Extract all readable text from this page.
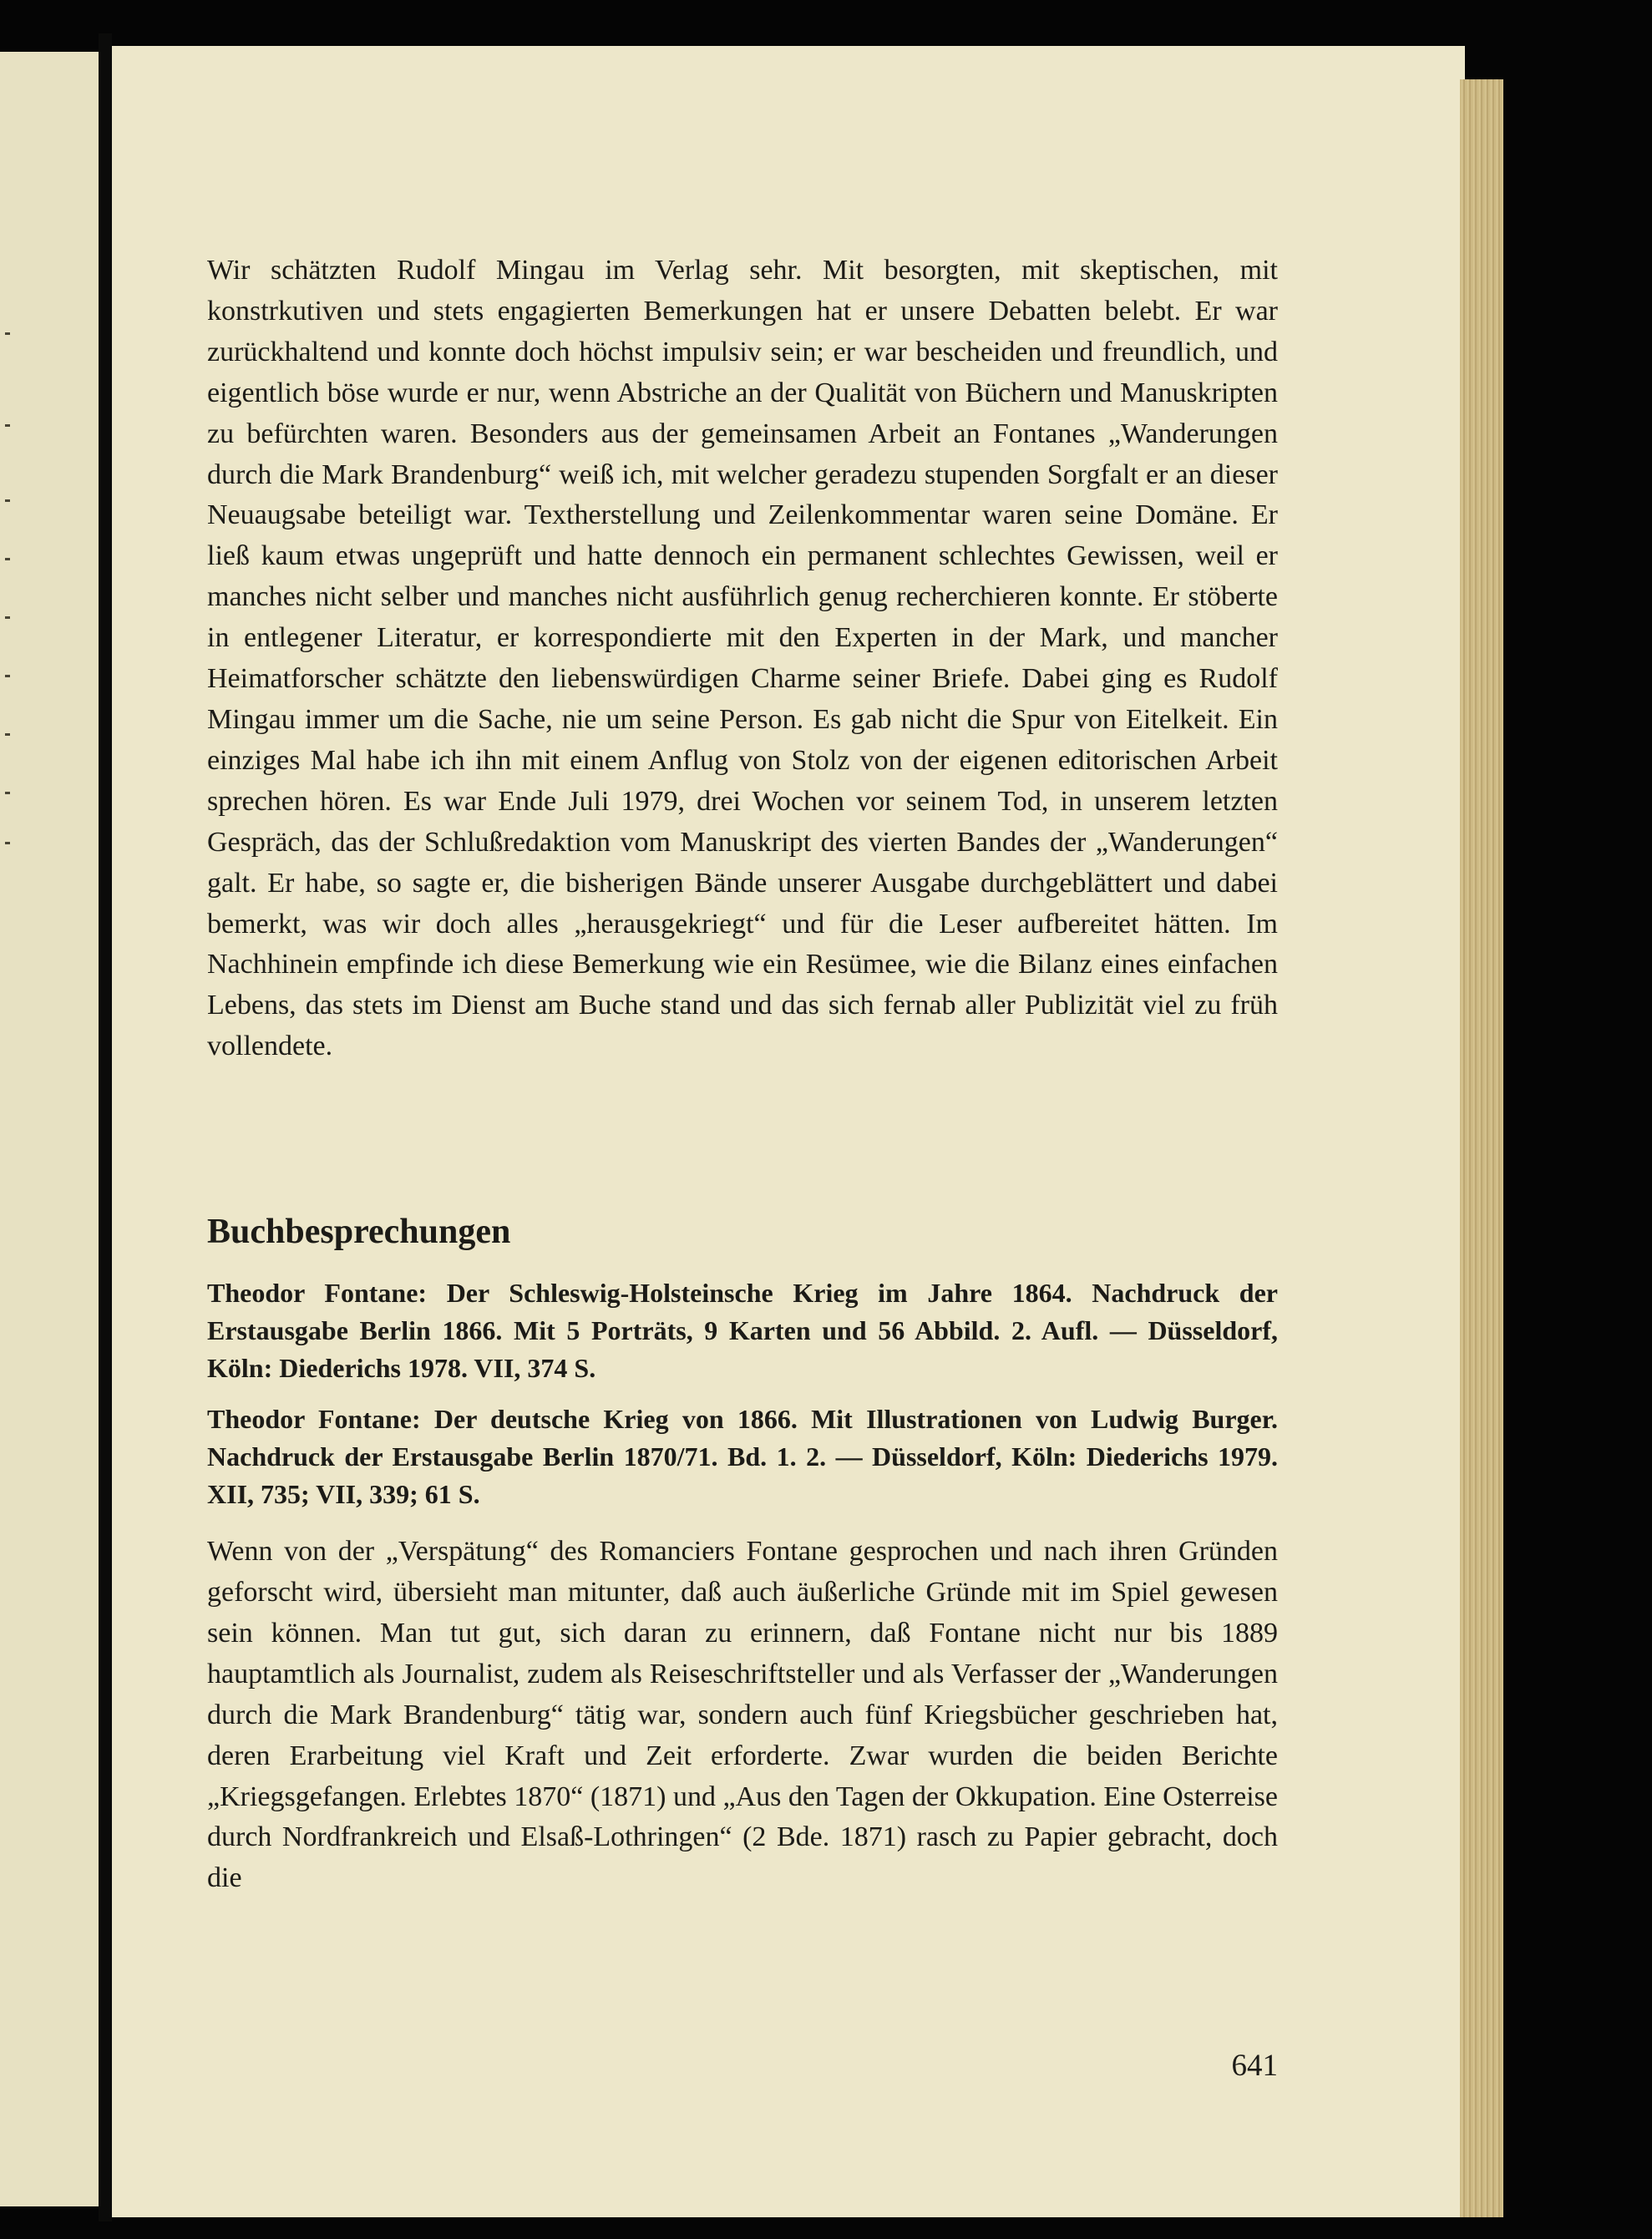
Wir schätzten Rudolf Mingau im Verlag sehr. Mit besorgten, mit skeptischen, mit konstrkutiven und stets engagierten Bemerkungen hat er unsere Debatten belebt. Er war zurückhaltend und konnte doch höchst impulsiv sein; er war bescheiden und freundlich, und eigentlich böse wurde er nur, wenn Abstriche an der Qualität von Büchern und Manuskripten zu befürchten waren. Besonders aus der gemeinsamen Arbeit an Fontanes „Wanderungen durch die Mark Brandenburg“ weiß ich, mit welcher geradezu stupenden Sorgfalt er an dieser Neuaugsabe beteiligt war. Textherstellung und Zeilenkommentar waren seine Domäne. Er ließ kaum etwas ungeprüft und hatte dennoch ein permanent schlechtes Gewissen, weil er manches nicht selber und manches nicht ausführlich genug recherchieren konnte. Er stöberte in entlegener Literatur, er korrespondierte mit den Experten in der Mark, und mancher Heimatforscher schätzte den liebenswürdigen Charme seiner Briefe. Dabei ging es Rudolf Mingau immer um die Sache, nie um seine Person. Es gab nicht die Spur von Eitelkeit. Ein einziges Mal habe ich ihn mit einem Anflug von Stolz von der eigenen editorischen Arbeit sprechen hören. Es war Ende Juli 1979, drei Wochen vor seinem Tod, in unserem letzten Gespräch, das der Schlußredaktion vom Manuskript des vierten Bandes der „Wanderungen“ galt. Er habe, so sagte er, die bisherigen Bände unserer Ausgabe durchgeblättert und dabei bemerkt, was wir doch alles „herausgekriegt“ und für die Leser aufbereitet hätten. Im Nachhinein empfinde ich diese Bemerkung wie ein Resümee, wie die Bilanz eines einfachen Lebens, das stets im Dienst am Buche stand und das sich fernab aller Publizität viel zu früh vollendete.

Buchbesprechungen

Theodor Fontane: Der Schleswig-Holsteinsche Krieg im Jahre 1864. Nachdruck der Erstausgabe Berlin 1866. Mit 5 Porträts, 9 Karten und 56 Abbild. 2. Aufl. — Düsseldorf, Köln: Diederichs 1978. VII, 374 S.

Theodor Fontane: Der deutsche Krieg von 1866. Mit Illustrationen von Ludwig Burger. Nachdruck der Erstausgabe Berlin 1870/71. Bd. 1. 2. — Düsseldorf, Köln: Diederichs 1979. XII, 735; VII, 339; 61 S.

Wenn von der „Verspätung“ des Romanciers Fontane gesprochen und nach ihren Gründen geforscht wird, übersieht man mitunter, daß auch äußerliche Gründe mit im Spiel gewesen sein können. Man tut gut, sich daran zu erinnern, daß Fontane nicht nur bis 1889 hauptamtlich als Journalist, zudem als Reiseschriftsteller und als Verfasser der „Wanderungen durch die Mark Brandenburg“ tätig war, sondern auch fünf Kriegsbücher geschrieben hat, deren Erarbeitung viel Kraft und Zeit erforderte. Zwar wurden die beiden Berichte „Kriegsgefangen. Erlebtes 1870“ (1871) und „Aus den Tagen der Okkupation. Eine Osterreise durch Nordfrankreich und Elsaß-Lothringen“ (2 Bde. 1871) rasch zu Papier gebracht, doch die

641
